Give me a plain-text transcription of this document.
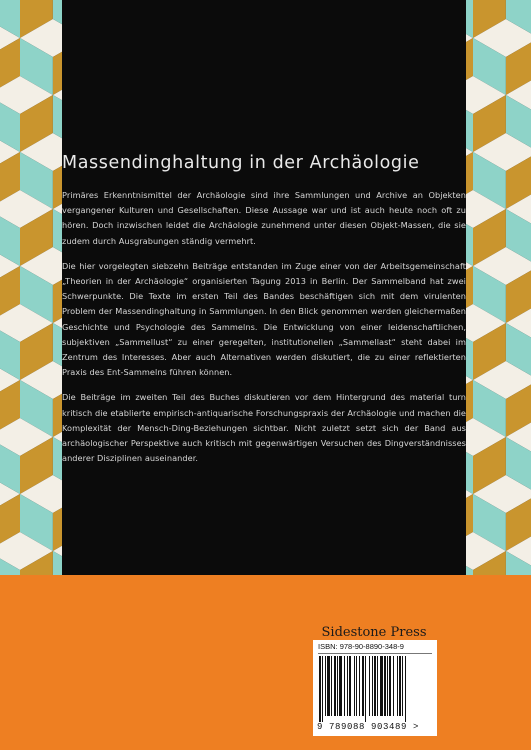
Massendinghaltung in der Archäologie

Primäres Erkenntnismittel der Archäologie sind ihre Sammlungen und Archive an Objekten vergangener Kulturen und Gesellschaften. Diese Aussage war und ist auch heute noch oft zu hören. Doch inzwischen leidet die Archäologie zunehmend unter diesen Objekt-Massen, die sie zudem durch Ausgrabungen ständig vermehrt.

Die hier vorgelegten siebzehn Beiträge entstanden im Zuge einer von der Arbeitsgemeinschaft „Theorien in der Archäologie“ organisierten Tagung 2013 in Berlin. Der Sammelband hat zwei Schwerpunkte. Die Texte im ersten Teil des Bandes beschäftigen sich mit dem virulenten Problem der Massendinghaltung in Sammlungen. In den Blick genommen werden gleichermaßen Geschichte und Psychologie des Sammelns. Die Entwicklung von einer leidenschaftlichen, subjektiven „Sammellust“ zu einer geregelten, institutionellen „Sammellast“ steht dabei im Zentrum des Interesses. Aber auch Alternativen werden diskutiert, die zu einer reflektierten Praxis des Ent-Sammelns führen können.

Die Beiträge im zweiten Teil des Buches diskutieren vor dem Hintergrund des material turn kritisch die etablierte empirisch-antiquarische Forschungspraxis der Archäologie und machen die Komplexität der Mensch-Ding-Beziehungen sichtbar. Nicht zuletzt setzt sich der Band aus archäologischer Perspektive auch kritisch mit gegenwärtigen Versuchen des Dingverständnisses anderer Disziplinen auseinander.

Sidestone Press

ISBN: 978-90-8890-348-9
9 789088 903489 >
